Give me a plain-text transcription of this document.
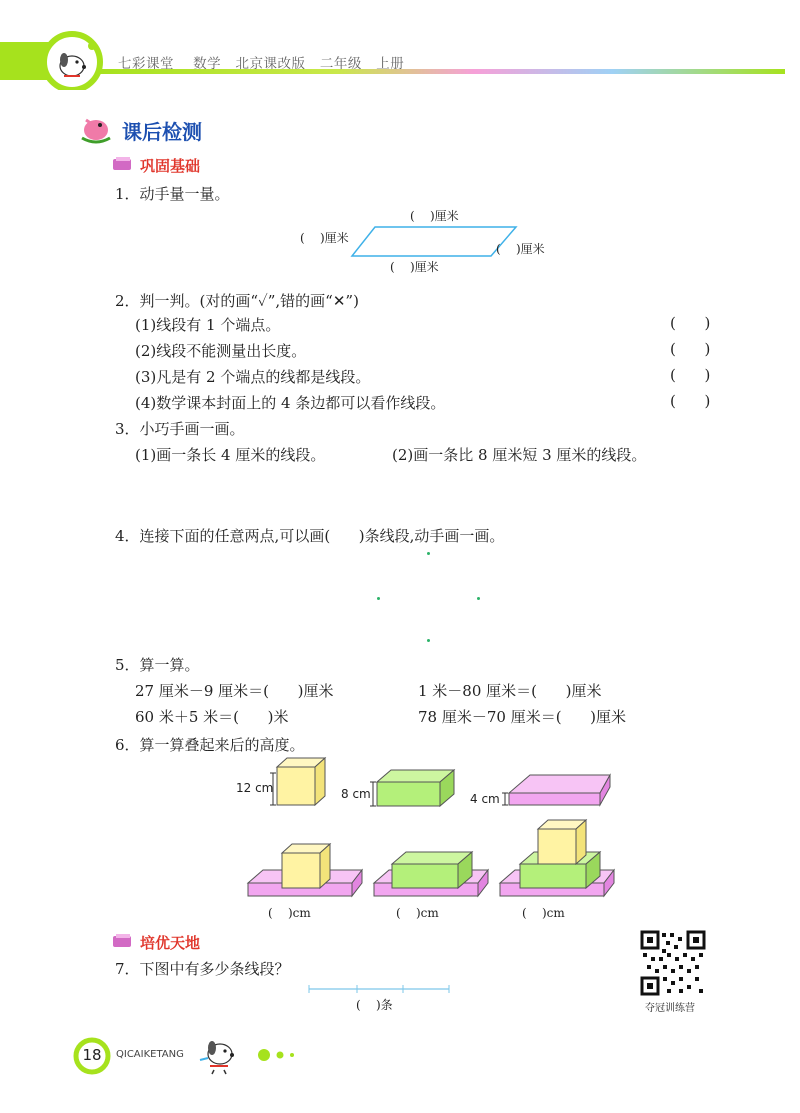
七彩课堂 数学 北京课改版 二年级 上册
课后检测
巩固基础
1．动手量一量。
(    )厘米
(    )厘米
(    )厘米
(    )厘米
2．判一判。(对的画“✓”,错的画“✕”)
(1)线段有 1 个端点。	(      )
(2)线段不能测量出长度。	(      )
(3)凡是有 2 个端点的线都是线段。	(      )
(4)数学课本封面上的 4 条边都可以看作线段。	(      )
3．小巧手画一画。
(1)画一条长 4 厘米的线段。	(2)画一条比 8 厘米短 3 厘米的线段。
4．连接下面的任意两点,可以画(      )条线段,动手画一画。
5．算一算。
27 厘米－9 厘米＝(      )厘米	1 米－80 厘米＝(      )厘米
60 米＋5 米＝(      )米	78 厘米－70 厘米＝(      )厘米
6．算一算叠起来后的高度。
12 cm	8 cm	4 cm
(    )cm	(    )cm	(    )cm
培优天地
7．下图中有多少条线段？
(    )条	夺冠训练营
18 QICAIKETANG
